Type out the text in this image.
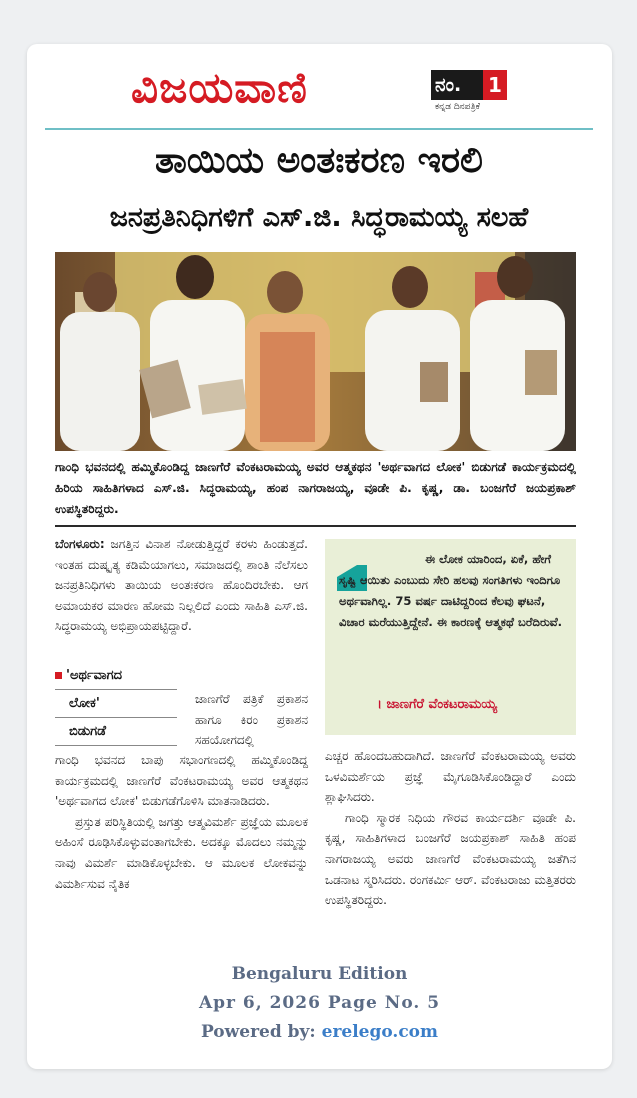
ವಿಜಯವಾಣಿ	ನಂ. 1
ಕನ್ನಡ ದಿನಪತ್ರಿಕೆ
ತಾಯಿಯ ಅಂತಃಕರಣ ಇರಲಿ
ಜನಪ್ರತಿನಿಧಿಗಳಿಗೆ ಎಸ್.ಜಿ. ಸಿದ್ಧರಾಮಯ್ಯ ಸಲಹೆ
ಗಾಂಧಿ ಭವನದಲ್ಲಿ ಹಮ್ಮಿಕೊಂಡಿದ್ದ ಜಾಣಗೆರೆ ವೆಂಕಟರಾಮಯ್ಯ ಅವರ ಆತ್ಮಕಥನ 'ಅರ್ಥವಾಗದ ಲೋಕ' ಬಿಡುಗಡೆ ಕಾರ್ಯಕ್ರಮದಲ್ಲಿ ಹಿರಿಯ ಸಾಹಿತಿಗಳಾದ ಎಸ್.ಜಿ. ಸಿದ್ಧರಾಮಯ್ಯ, ಹಂಪ ನಾಗರಾಜಯ್ಯ, ವೂಡೇ ಪಿ. ಕೃಷ್ಣ, ಡಾ. ಬಂಜಗೆರೆ ಜಯಪ್ರಕಾಶ್ ಉಪಸ್ಥಿತರಿದ್ದರು.

ಬೆಂಗಳೂರು: ಜಗತ್ತಿನ ವಿನಾಶ ನೋಡುತ್ತಿದ್ದರೆ ಕರಳು ಹಿಂಡುತ್ತದೆ. ಇಂತಹ ದುಷ್ಕೃತ್ಯ ಕಡಿಮೆಯಾಗಲು, ಸಮಾಜದಲ್ಲಿ ಶಾಂತಿ ನೆಲೆಸಲು ಜನಪ್ರತಿನಿಧಿಗಳು ತಾಯಿಯ ಅಂತಃಕರಣ ಹೊಂದಿರಬೇಕು. ಆಗ ಅಮಾಯಕರ ಮಾರಣ ಹೋಮ ನಿಲ್ಲಲಿದೆ ಎಂದು ಸಾಹಿತಿ ಎಸ್.ಜಿ. ಸಿದ್ಧರಾಮಯ್ಯ ಅಭಿಪ್ರಾಯಪಟ್ಟಿದ್ದಾರೆ.

'ಅರ್ಥವಾಗದ
ಲೋಕ'
ಬಿಡುಗಡೆ

ಜಾಣಗೆರೆ ಪತ್ರಿಕೆ ಪ್ರಕಾಶನ ಹಾಗೂ ಕಿರಂ ಪ್ರಕಾಶನ ಸಹಯೋಗದಲ್ಲಿ

ಗಾಂಧಿ ಭವನದ ಬಾಪು ಸಭಾಂಗಣದಲ್ಲಿ ಹಮ್ಮಿಕೊಂಡಿದ್ದ ಕಾರ್ಯಕ್ರಮದಲ್ಲಿ ಜಾಣಗೆರೆ ವೆಂಕಟರಾಮಯ್ಯ ಅವರ ಆತ್ಮಕಥನ 'ಅರ್ಥವಾಗದ ಲೋಕ' ಬಿಡುಗಡೆಗೊಳಿಸಿ ಮಾತನಾಡಿದರು.

ಪ್ರಸ್ತುತ ಪರಿಸ್ಥಿತಿಯಲ್ಲಿ ಜಗತ್ತು ಆತ್ಮವಿಮರ್ಶೆ ಪ್ರಜ್ಞೆಯ ಮೂಲಕ ಅಹಿಂಸೆ ರೂಢಿಸಿಕೊಳ್ಳುವಂತಾಗಬೇಕು. ಅದಕ್ಕೂ ಮೊದಲು ನಮ್ಮನ್ನು ನಾವು ವಿಮರ್ಶೆ ಮಾಡಿಕೊಳ್ಳಬೇಕು. ಆ ಮೂಲಕ ಲೋಕವನ್ನು ವಿಮರ್ಶಿಸುವ ನೈತಿಕ

ಈ ಲೋಕ ಯಾರಿಂದ, ಏಕೆ, ಹೇಗೆ ಸೃಷ್ಟಿ ಆಯಿತು ಎಂಬುದು ಸೇರಿ ಹಲವು ಸಂಗತಿಗಳು ಇಂದಿಗೂ ಅರ್ಥವಾಗಿಲ್ಲ. 75 ವರ್ಷ ದಾಟಿದ್ದರಿಂದ ಕೆಲವು ಘಟನೆ, ವಿಚಾರ ಮರೆಯುತ್ತಿದ್ದೇನೆ. ಈ ಕಾರಣಕ್ಕೆ ಆತ್ಮಕಥೆ ಬರೆದಿರುವೆ.
। ಜಾಣಗೆರೆ ವೆಂಕಟರಾಮಯ್ಯ

ಎಚ್ಚರ ಹೊಂದಬಹುದಾಗಿದೆ. ಜಾಣಗೆರೆ ವೆಂಕಟರಾಮಯ್ಯ ಅವರು ಒಳವಿಮರ್ಶೆಯ ಪ್ರಜ್ಞೆ ಮೈಗೂಡಿಸಿಕೊಂಡಿದ್ದಾರೆ ಎಂದು ಶ್ಲಾಘಿಸಿದರು.

ಗಾಂಧಿ ಸ್ಮಾರಕ ನಿಧಿಯ ಗೌರವ ಕಾರ್ಯದರ್ಶಿ ವೂಡೇ ಪಿ. ಕೃಷ್ಣ, ಸಾಹಿತಿಗಳಾದ ಬಂಜಗೆರೆ ಜಯಪ್ರಕಾಶ್ ಸಾಹಿತಿ ಹಂಪ ನಾಗರಾಜಯ್ಯ ಅವರು ಜಾಣಗೆರೆ ವೆಂಕಟರಾಮಯ್ಯ ಜತೆಗಿನ ಒಡನಾಟ ಸ್ಮರಿಸಿದರು. ರಂಗಕರ್ಮಿ ಆರ್. ವೆಂಕಟರಾಜು ಮತ್ತಿತರರು ಉಪಸ್ಥಿತರಿದ್ದರು.

Bengaluru Edition
Apr 6, 2026 Page No. 5
Powered by: erelego.com
